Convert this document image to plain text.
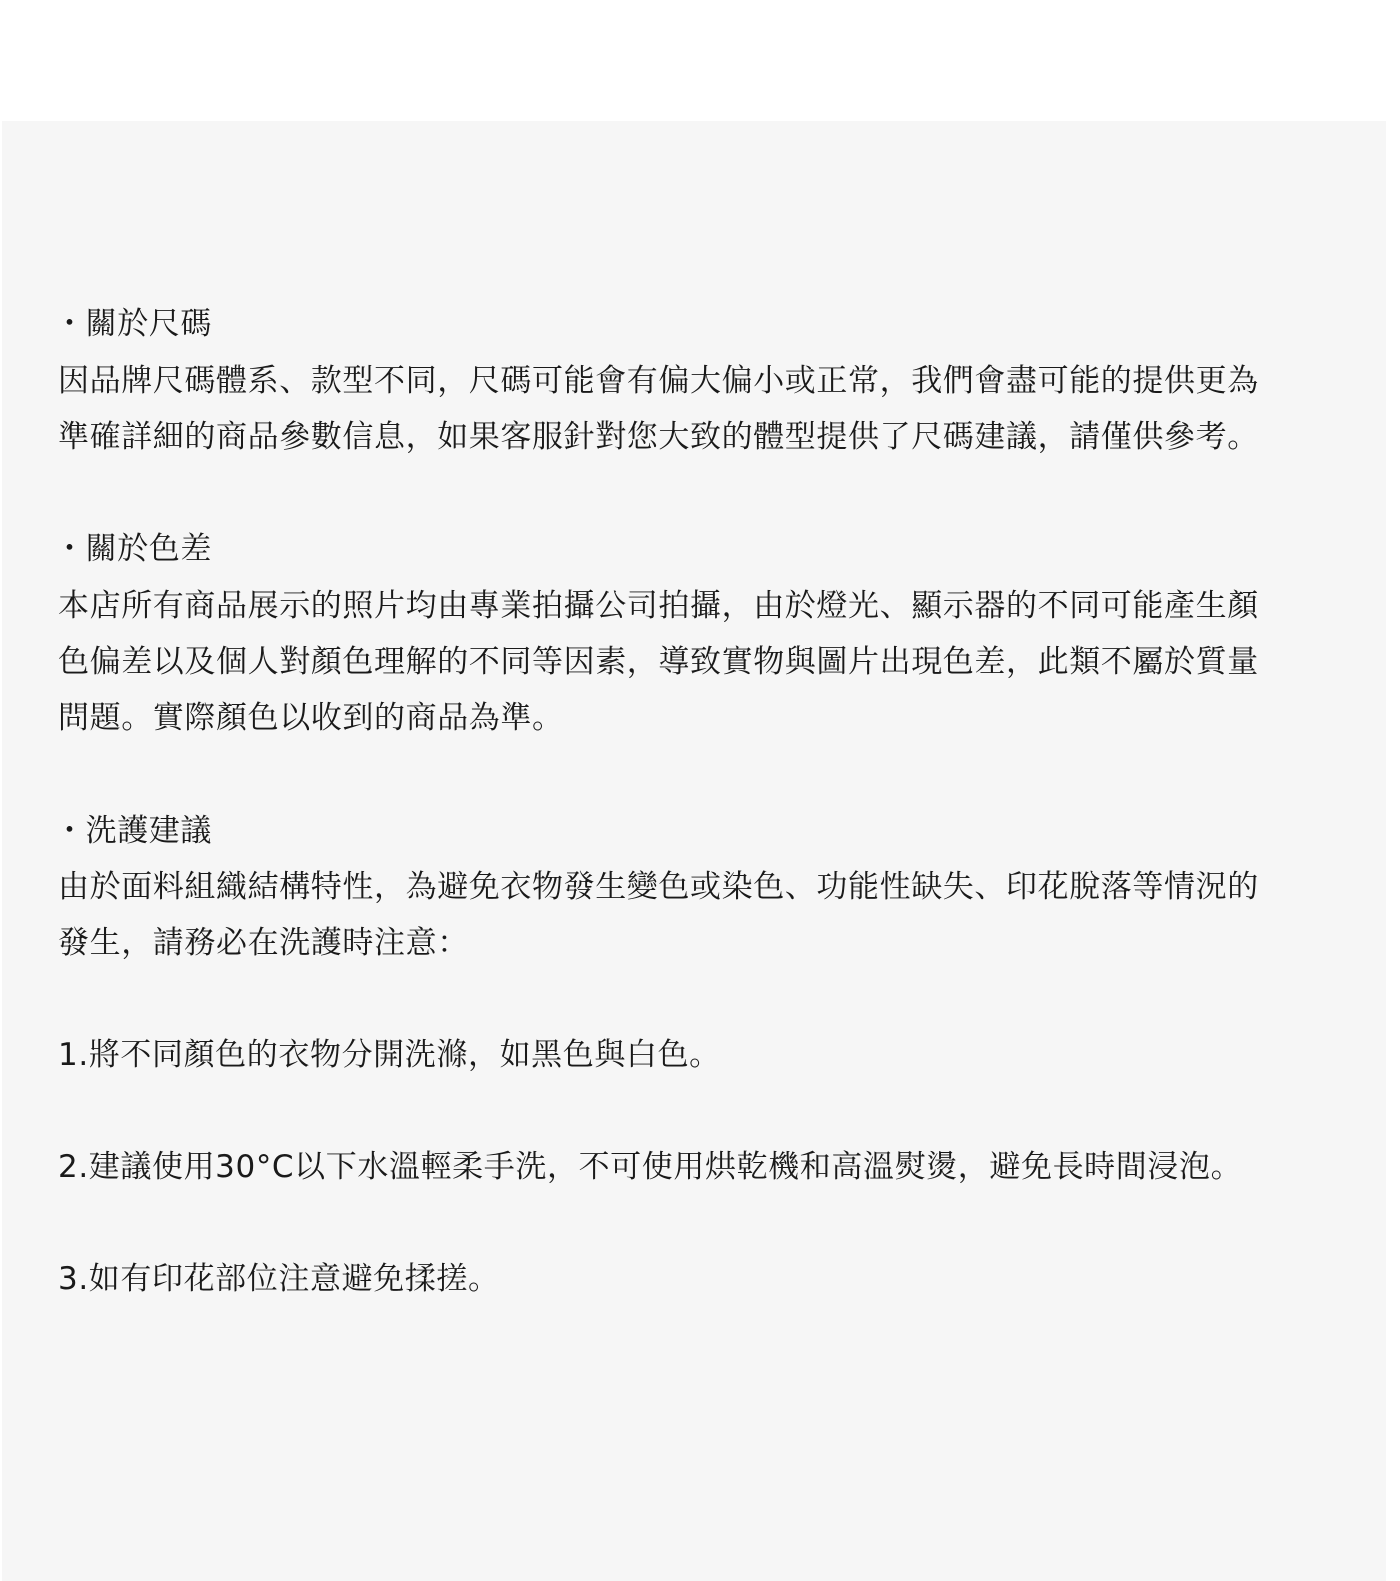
・ 關於尺碼

因品牌尺碼體系、款型不同，尺碼可能會有偏大偏小或正常，我們會盡可能的提供更為

準確詳細的商品參數信息，如果客服針對您大致的體型提供了尺碼建議，請僅供參考。

・ 關於色差

本店所有商品展示的照片均由專業拍攝公司拍攝，由於燈光、顯示器的不同可能產生顏

色偏差以及個人對顏色理解的不同等因素，導致實物與圖片出現色差，此類不屬於質量

問題。實際顏色以收到的商品為準。

・ 洗護建議

由於面料組織結構特性，為避免衣物發生變色或染色、功能性缺失、印花脫落等情況的

發生，請務必在洗護時注意：

1.將不同顏色的衣物分開洗滌，如黑色與白色。

2.建議使用30°C以下水溫輕柔手洗，不可使用烘乾機和高溫熨燙，避免長時間浸泡。

3.如有印花部位注意避免揉搓。
